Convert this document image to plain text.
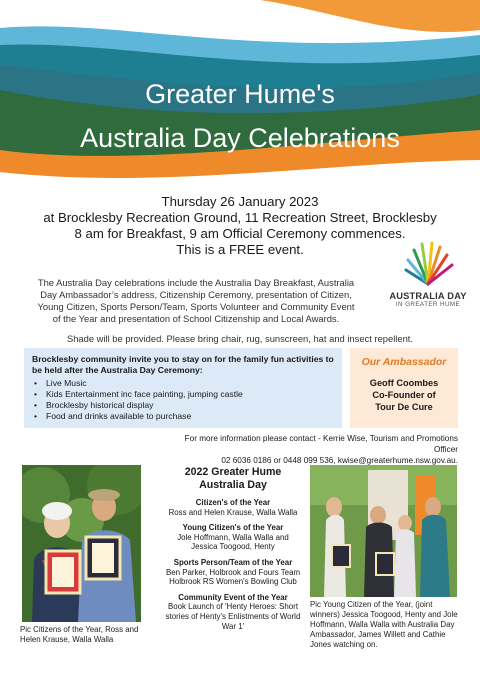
Greater Hume's
Australia Day Celebrations
Thursday 26 January 2023
at Brocklesby Recreation Ground, 11 Recreation Street, Brocklesby
8 am for Breakfast, 9 am Official Ceremony commences.
This is a FREE event.
The Australia Day celebrations include the Australia Day Breakfast, Australia Day Ambassador’s address, Citizenship Ceremony, presentation of Citizen, Young Citizen, Sports Person/Team, Sports Volunteer and Community Event of the Year and presentation of School Citizenship and Local Awards.
AUSTRALIA DAY
IN GREATER HUME
Shade will be provided. Please bring chair, rug, sunscreen, hat and insect repellent.
Brocklesby community invite you to stay on for the family fun activities to be held after the Australia Day Ceremony:
• Live Music
• Kids Entertainment inc face painting, jumping castle
• Brocklesby historical display
• Food and drinks available to purchase
Our Ambassador
Geoff Coombes
Co-Founder of
Tour De Cure
For more information please contact - Kerrie Wise, Tourism and Promotions Officer
02 6036 0186 or 0448 099 536, kwise@greaterhume.nsw.gov.au.
Pic Citizens of the Year, Ross and Helen Krause, Walla Walla
2022 Greater Hume
Australia Day
Citizen's of the Year
Ross and Helen Krause, Walla Walla
Young Citizen's of the Year
Jole Hoffmann, Walla Walla and Jessica Toogood, Henty
Sports Person/Team of the Year
Ben Parker, Holbrook and Fours Team Holbrook RS Women's Bowling Club
Community Event of the Year
Book Launch of 'Henty Heroes: Short stories of Henty's Enlistments of World War 1'
Pic Young Citizen of the Year, (joint winners) Jessica Toogood, Henty and Jole Hoffmann, Walla Walla with Australia Day Ambassador, James Willett and Cathie Jones watching on.
